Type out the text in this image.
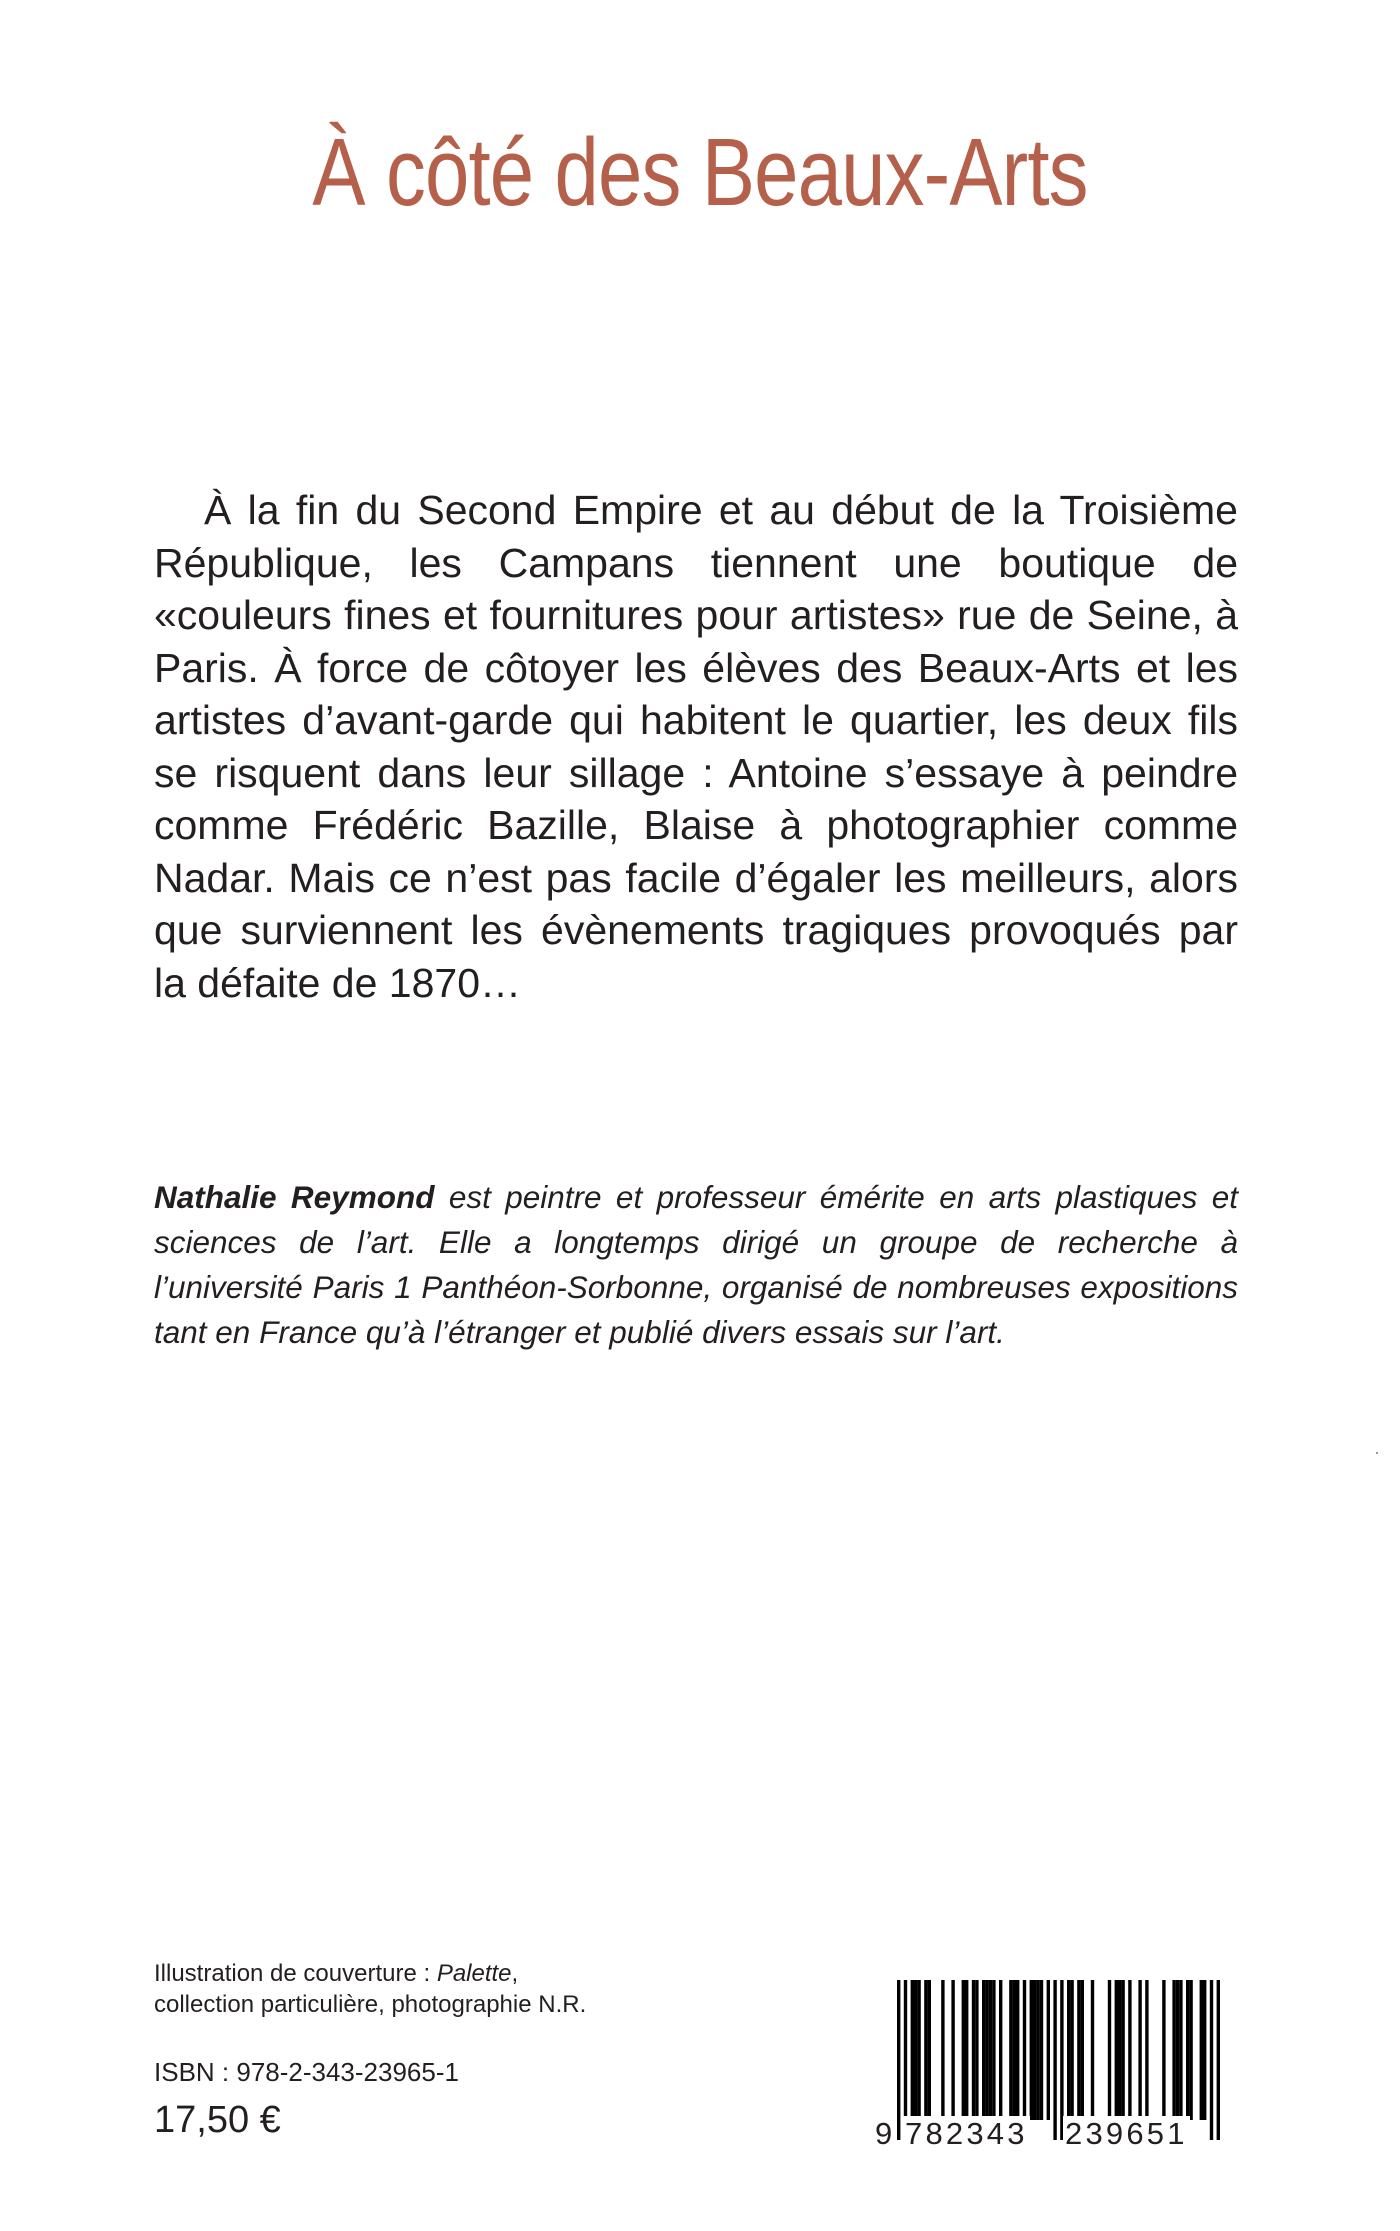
À côté des Beaux-Arts

À la fin du Second Empire et au début de la Troisième République, les Campans tiennent une boutique de «couleurs fines et fournitures pour artistes» rue de Seine, à Paris. À force de côtoyer les élèves des Beaux-Arts et les artistes d’avant-garde qui habitent le quartier, les deux fils se risquent dans leur sillage : Antoine s’essaye à peindre comme Frédéric Bazille, Blaise à photographier comme Nadar. Mais ce n’est pas facile d’égaler les meilleurs, alors que surviennent les évènements tragiques provoqués par la défaite de 1870…

Nathalie Reymond est peintre et professeur émérite en arts plastiques et sciences de l’art. Elle a longtemps dirigé un groupe de recherche à l’université Paris 1 Panthéon-Sorbonne, organisé de nombreuses expositions tant en France qu’à l’étranger et publié divers essais sur l’art.

Illustration de couverture : Palette,
collection particulière, photographie N.R.
ISBN : 978-2-343-23965-1
17,50 €	9 782343 239651
